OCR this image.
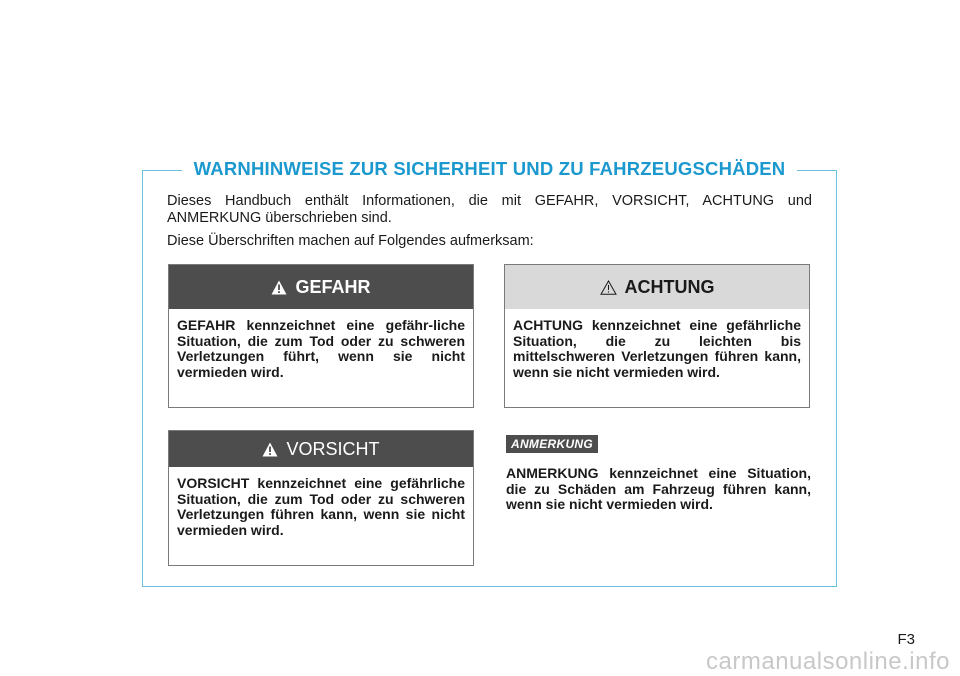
WARNHINWEISE ZUR SICHERHEIT UND ZU FAHRZEUGSCHÄDEN

Dieses Handbuch enthält Informationen, die mit GEFAHR, VORSICHT, ACHTUNG und ANMERKUNG überschrieben sind.

Diese Überschriften machen auf Folgendes aufmerksam:

GEFAHR
GEFAHR kennzeichnet eine gefähr-liche Situation, die zum Tod oder zu schweren Verletzungen führt, wenn sie nicht vermieden wird.
ACHTUNG
ACHTUNG kennzeichnet eine gefährliche Situation, die zu leichten bis mittelschweren Verletzungen führen kann, wenn sie nicht vermieden wird.
VORSICHT
VORSICHT kennzeichnet eine gefährliche Situation, die zum Tod oder zu schweren Verletzungen führen kann, wenn sie nicht vermieden wird.
ANMERKUNG
ANMERKUNG kennzeichnet eine Situation, die zu Schäden am Fahrzeug führen kann, wenn sie nicht vermieden wird.
F3
carmanualsonline.info
